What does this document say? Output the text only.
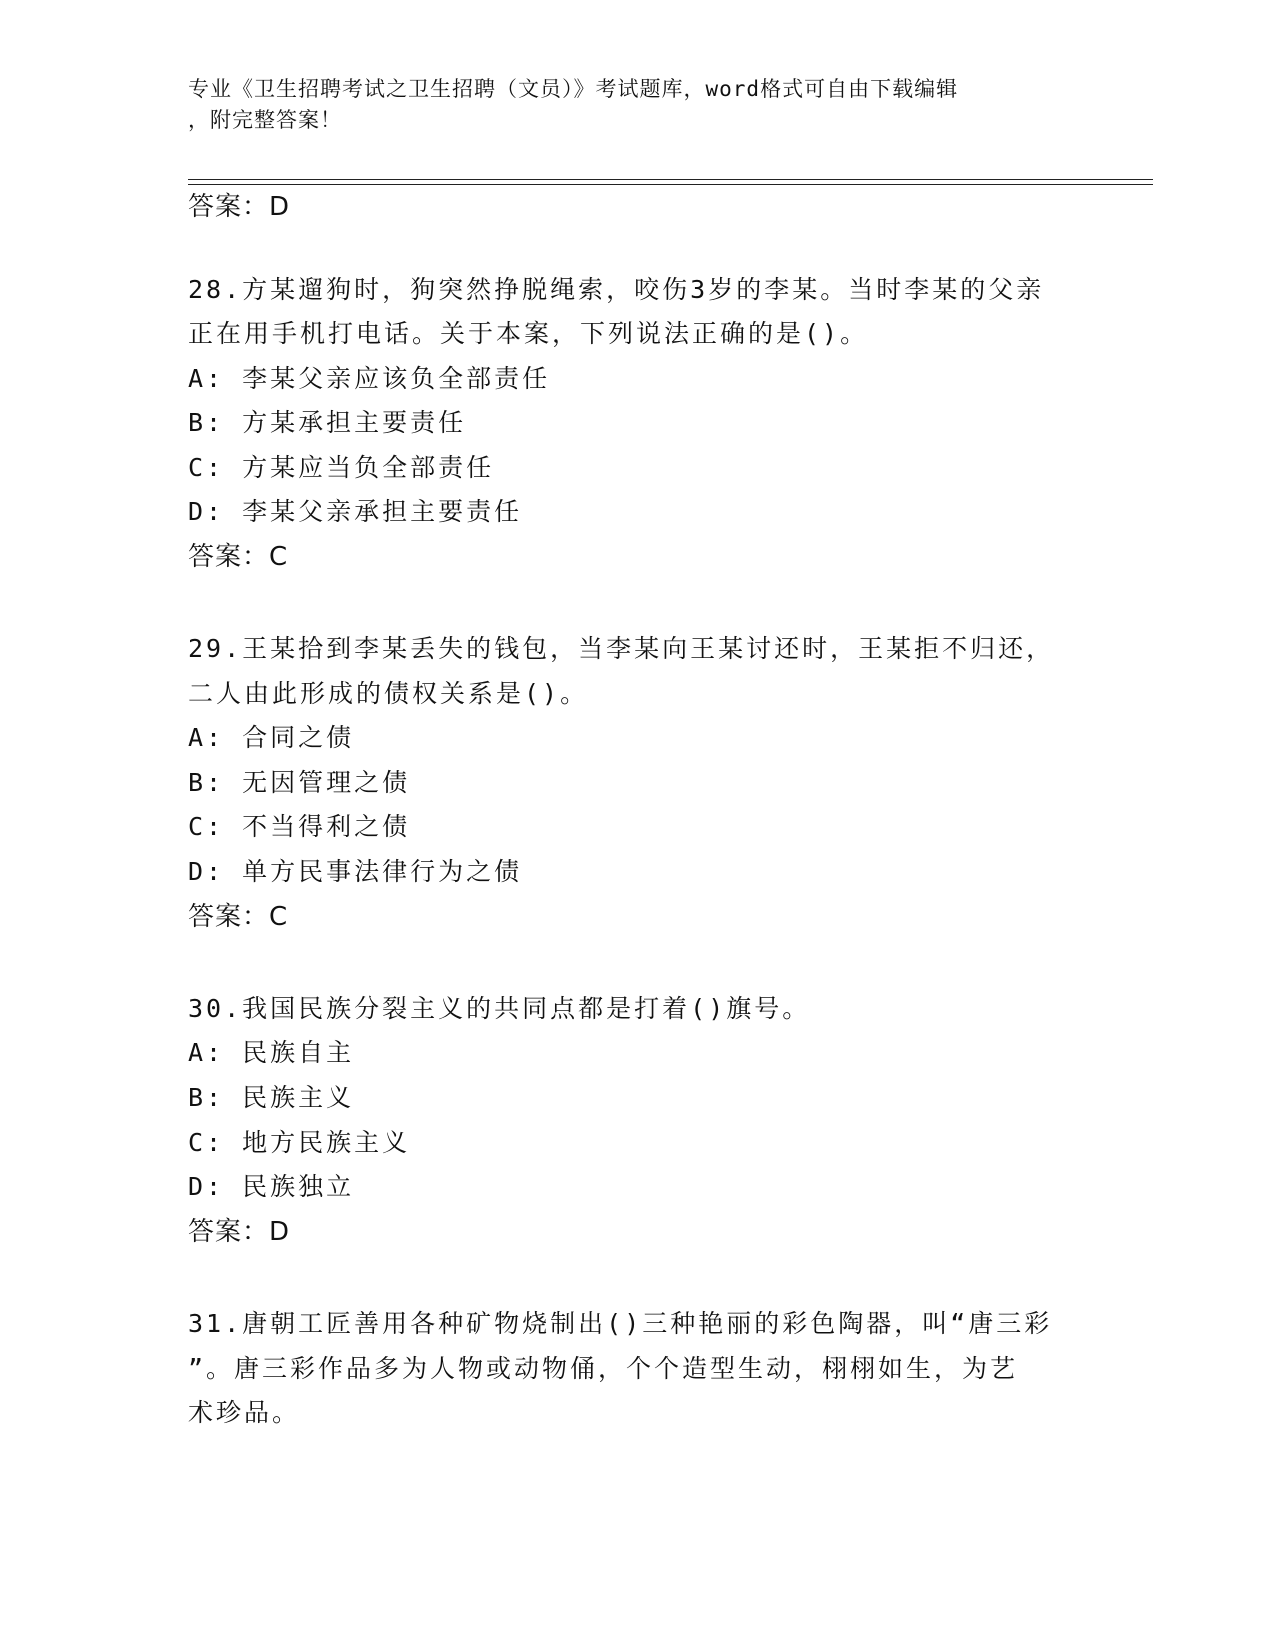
专业《卫生招聘考试之卫生招聘（文员）》考试题库，word格式可自由下载编辑
，附完整答案！
答案：D
28.方某遛狗时，狗突然挣脱绳索，咬伤3岁的李某。当时李某的父亲
正在用手机打电话。关于本案，下列说法正确的是()。
A: 李某父亲应该负全部责任
B: 方某承担主要责任
C: 方某应当负全部责任
D: 李某父亲承担主要责任
答案：C
29.王某拾到李某丢失的钱包，当李某向王某讨还时，王某拒不归还，
二人由此形成的债权关系是()。
A: 合同之债
B: 无因管理之债
C: 不当得利之债
D: 单方民事法律行为之债
答案：C
30.我国民族分裂主义的共同点都是打着()旗号。
A: 民族自主
B: 民族主义
C: 地方民族主义
D: 民族独立
答案：D
31.唐朝工匠善用各种矿物烧制出()三种艳丽的彩色陶器，叫“唐三彩
”。唐三彩作品多为人物或动物俑，个个造型生动，栩栩如生，为艺
术珍品。
